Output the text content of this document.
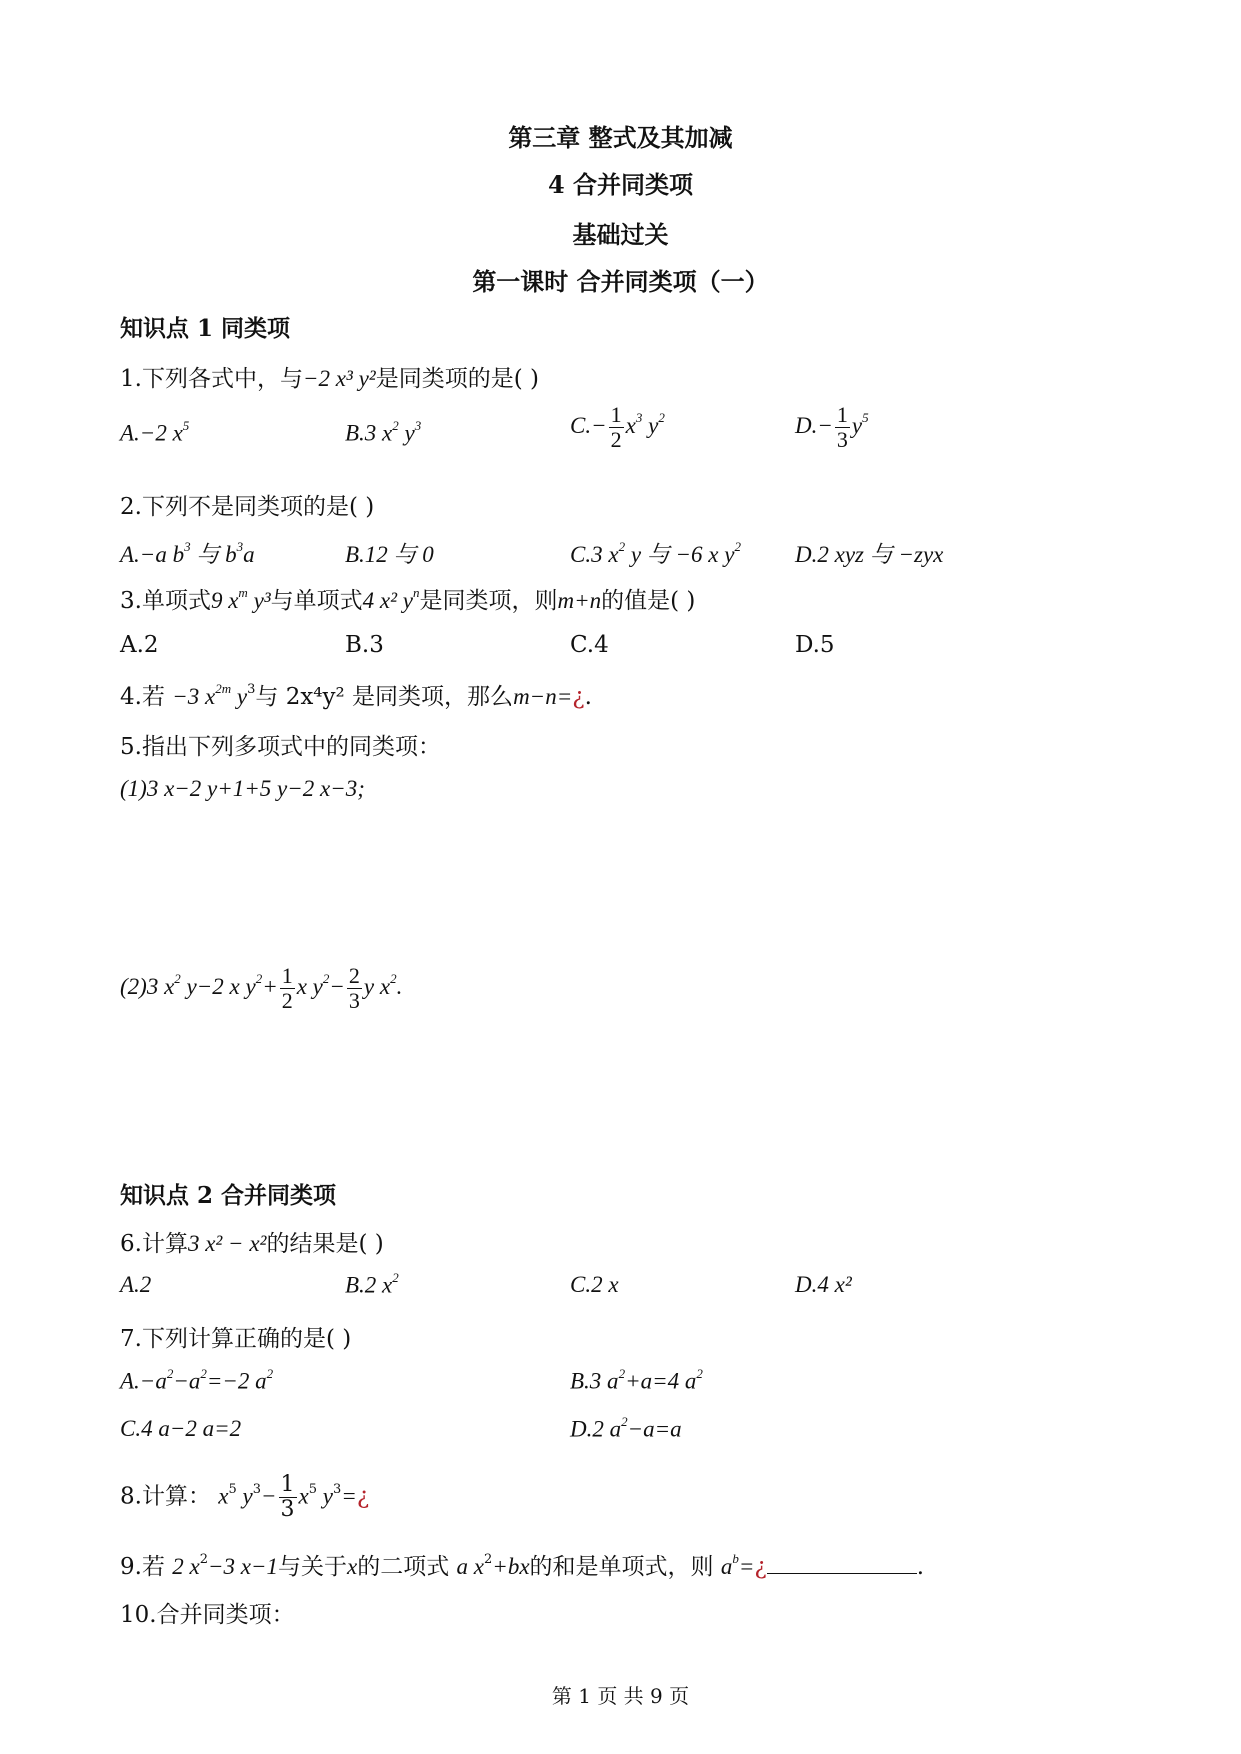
第三章 整式及其加减
4 合并同类项
基础过关
第一课时 合并同类项（一）
知识点 1 同类项
1.下列各式中，与−2 x³ y²是同类项的是( )
A.−2 $x^5$	B.3 $x^2$ $y^3$	$C.- \frac{1}{2} x^3$ $y^2$	$D.- \frac{1}{3} y^5$
2.下列不是同类项的是( )
A.−a $b^3$ 与 $b^3a$	B.12 与 0	C.3 $x^2$ y 与 −6 x $y^2$ D.2 xyz 与 −zyx
3.单项式9 $x^m$ y³与单项式4 x² $y^n$是同类项，则m+n的值是( )
A.2	B.3	C.4	D.5
4.若 −3 $x^{2m}$ $y^3$与 2x⁴y² 是同类项，那么m−n=¿.
5.指出下列多项式中的同类项：
(1)3 x−2 y+1+5 y−2 x−3;
(2)3 $x^2$ y−2 x $y^2+ \frac{1}{2}$ x $y^2- \frac{2}{3}$ y $x^2$.
知识点 2 合并同类项
6.计算3 x² − x²的结果是( )
A.2	B.2 $x^2$	C.2 x	D.4 x²
7.下列计算正确的是( )
$A.-a^2-a^2=-2$ $a^2$	B.3 $a^2+a=4$ $a^2$
C.4 a−2 a=2	D.2 $a^2-a=a$
8.计算： $x^5$ $y^3- \frac{1}{3} x^5$ $y^3=¿$
9.若 2 $x^2-3$ x−1与关于x的二项式 a $x^2+bx$的和是单项式，则 $a^b=¿$	.
10.合并同类项：
第 1 页 共 9 页
